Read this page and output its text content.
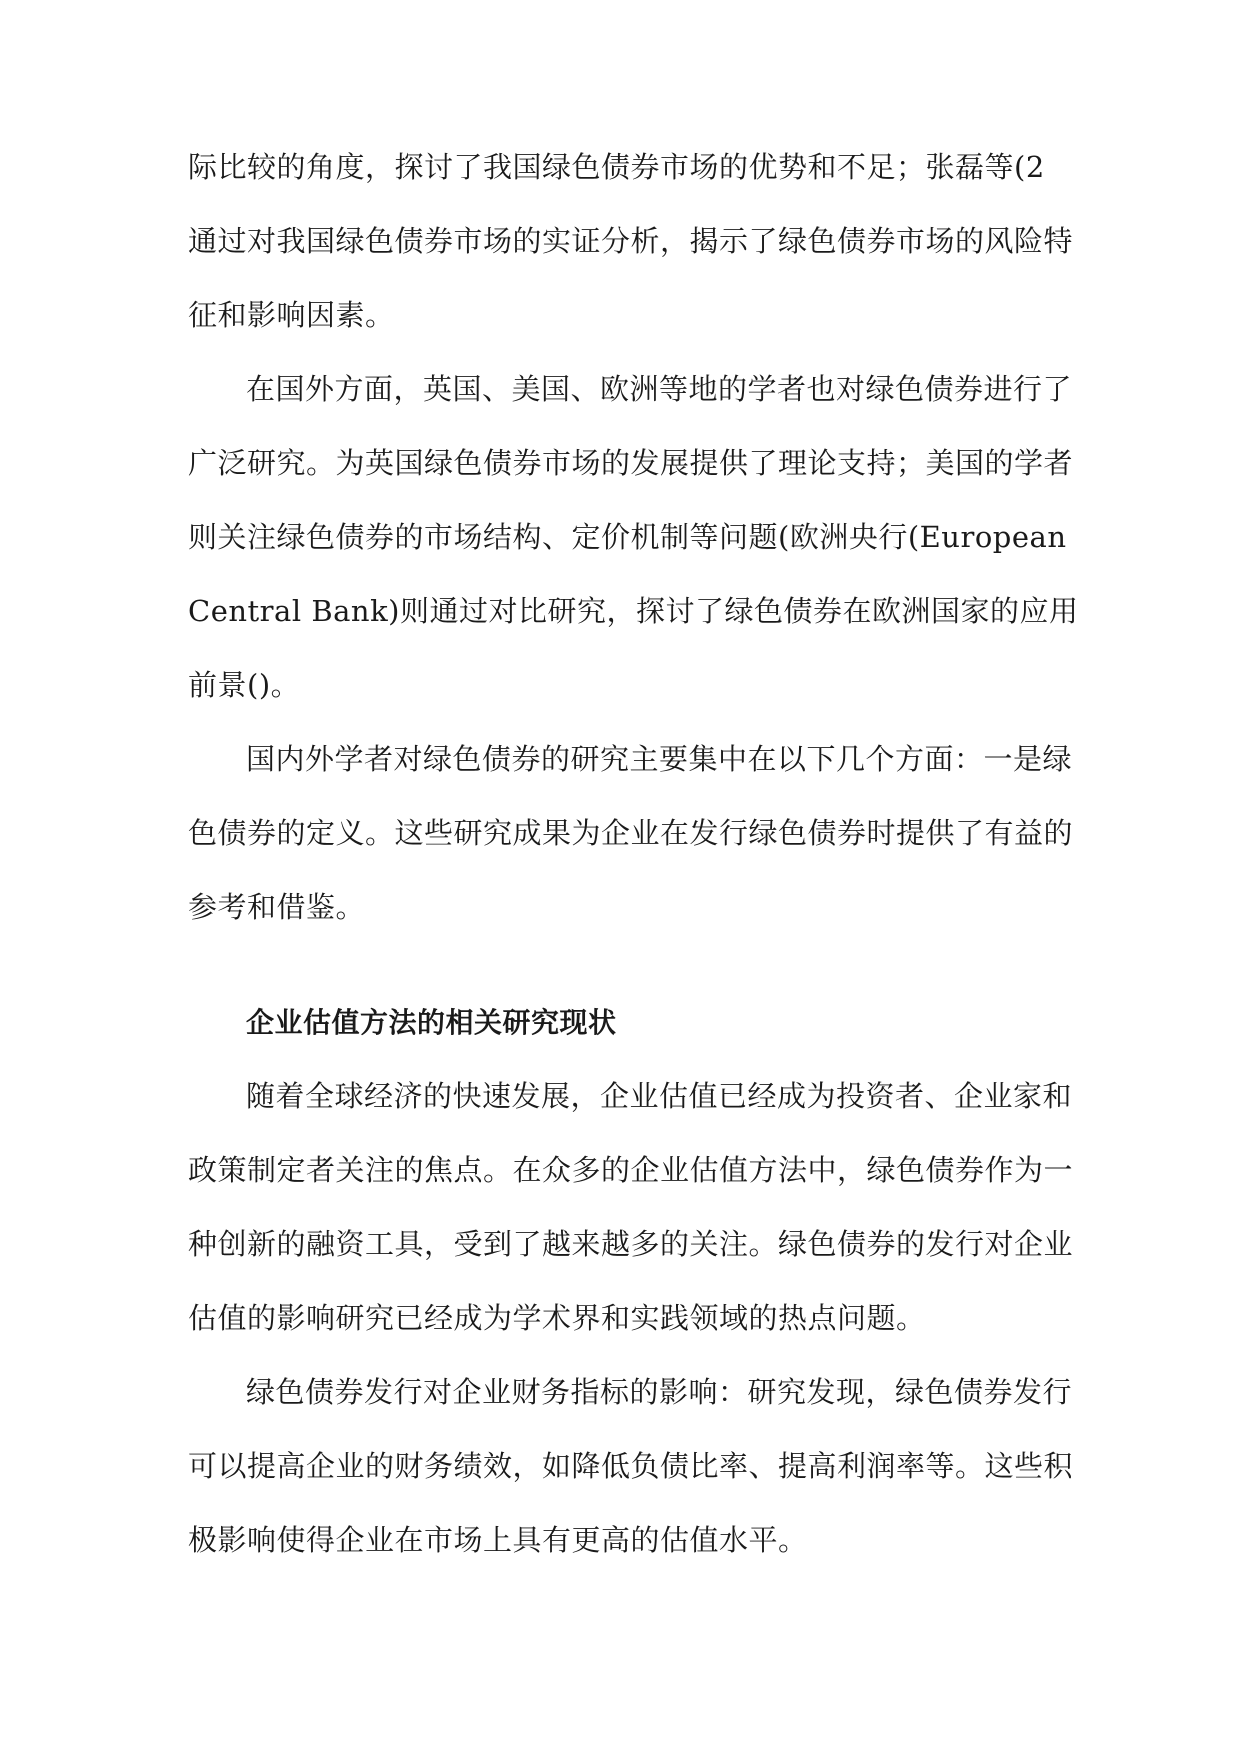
际比较的角度，探讨了我国绿色债券市场的优势和不足；张磊等(2
通过对我国绿色债券市场的实证分析，揭示了绿色债券市场的风险特
征和影响因素。
在国外方面，英国、美国、欧洲等地的学者也对绿色债券进行了
广泛研究。为英国绿色债券市场的发展提供了理论支持；美国的学者
则关注绿色债券的市场结构、定价机制等问题(欧洲央行(European
Central Bank)则通过对比研究，探讨了绿色债券在欧洲国家的应用
前景()。
国内外学者对绿色债券的研究主要集中在以下几个方面：一是绿
色债券的定义。这些研究成果为企业在发行绿色债券时提供了有益的
参考和借鉴。
企业估值方法的相关研究现状
随着全球经济的快速发展，企业估值已经成为投资者、企业家和
政策制定者关注的焦点。在众多的企业估值方法中，绿色债券作为一
种创新的融资工具，受到了越来越多的关注。绿色债券的发行对企业
估值的影响研究已经成为学术界和实践领域的热点问题。
绿色债券发行对企业财务指标的影响：研究发现，绿色债券发行
可以提高企业的财务绩效，如降低负债比率、提高利润率等。这些积
极影响使得企业在市场上具有更高的估值水平。
